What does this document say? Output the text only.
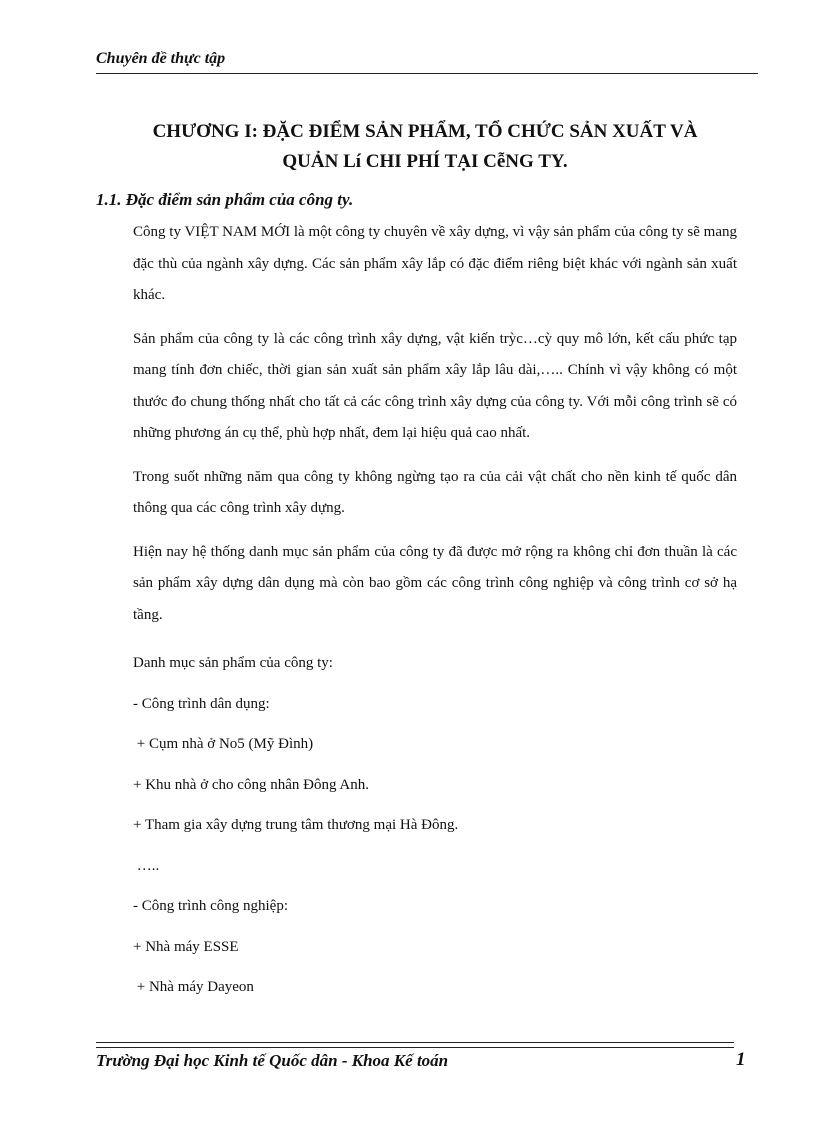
Chuyên đề thực tập
CHƯƠNG I: ĐẶC ĐIỂM SẢN PHẨM, TỔ CHỨC SẢN XUẤT VÀ
QUẢN Lí CHI PHÍ TẠI CễNG TY.
1.1. Đặc điểm sản phẩm của công ty.

Công ty VIỆT NAM MỚI là một công ty chuyên về xây dựng, vì vậy sản phẩm của công ty sẽ mang đặc thù của ngành xây dựng. Các sản phẩm xây lắp có đặc điểm riêng biệt khác với ngành sản xuất khác.

Sản phẩm của công ty là các công trình xây dựng, vật kiến trỳc…cỳ quy mô lớn, kết cấu phức tạp mang tính đơn chiếc, thời gian sản xuất sản phẩm xây lắp lâu dài,….. Chính vì vậy không có một thước đo chung thống nhất cho tất cả các công trình xây dựng của công ty. Với mỗi công trình sẽ có những phương án cụ thể, phù hợp nhất, đem lại hiệu quả cao nhất.

Trong suốt những năm qua công ty không ngừng tạo ra của cải vật chất cho nền kinh tế quốc dân thông qua các công trình xây dựng.

Hiện nay hệ thống danh mục sản phẩm của công ty đã được mở rộng ra không chỉ đơn thuần là các sản phẩm xây dựng dân dụng mà còn bao gồm các công trình công nghiệp và công trình cơ sở hạ tầng.

Danh mục sản phẩm của công ty:

- Công trình dân dụng:

+ Cụm nhà ở No5 (Mỹ Đình)

+ Khu nhà ở cho công nhân Đông Anh.

+ Tham gia xây dựng trung tâm thương mại Hà Đông.

…..

- Công trình công nghiệp:

+ Nhà máy ESSE

+ Nhà máy Dayeon

Trường Đại học Kinh tế Quốc dân - Khoa Kế toán	1
